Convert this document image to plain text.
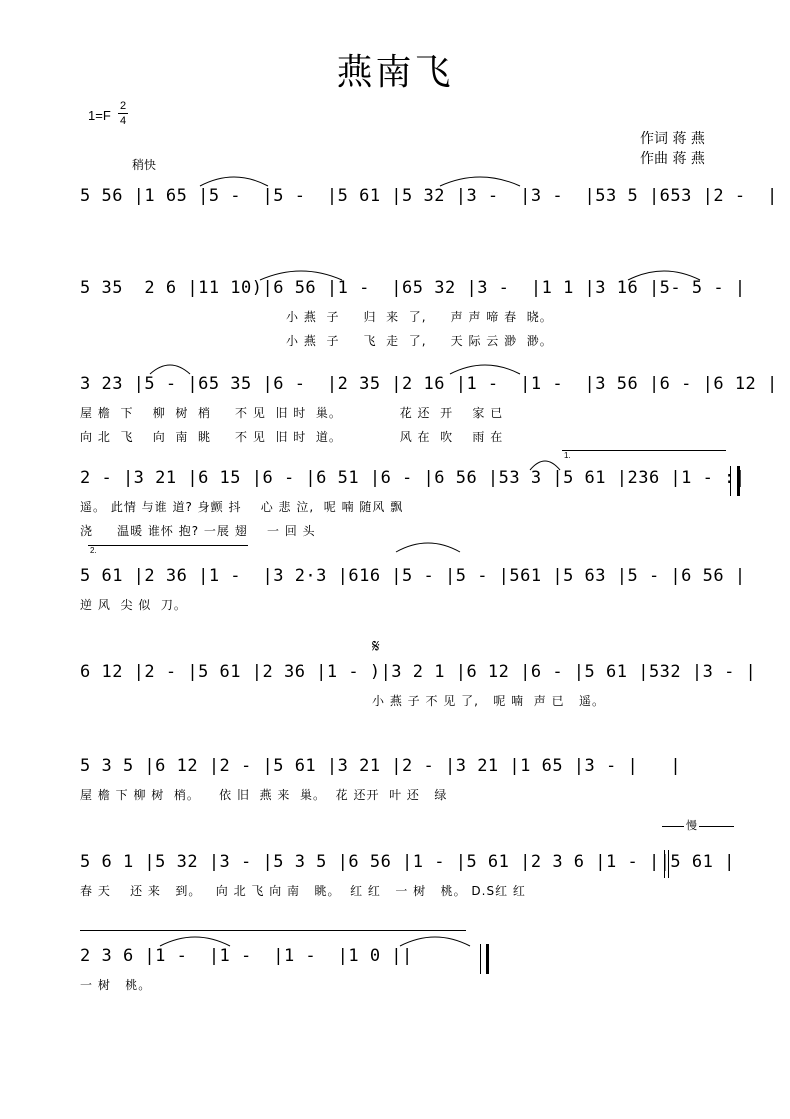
燕南飞
1=F
2
4
作词 蒋 燕
作曲 蒋 燕
稍快
1.
2.
慢
𝄋
5 56 |1 65 |5 -  |5 -  |5 61 |5 32 |3 -  |3 -  |53 5 |653 |2 -  |
5 35  2 6 |11 10)|6 56 |1 -  |65 32 |3 -  |1 1 |3 16 |5- 5 - |
小 燕  子     归  来  了,     声 声 啼 春  晓。
小 燕  子     飞  走  了,     天 际 云 渺  渺。
3 23 |5 - |65 35 |6 -  |2 35 |2 16 |1 -  |1 -  |3 56 |6 - |6 12 |
屋 檐  下    柳  树  梢     不 见  旧 时  巢。            花 还  开    家 已
向 北  飞    向  南  眺     不 见  旧 时  道。            风 在  吹    雨 在
2 - |3 21 |6 15 |6 - |6 51 |6 - |6 56 |53 3 |5 61 |236 |1 - :|
遥。 此情 与谁 道? 身颤 抖    心 悲 泣,  呢 喃 随风 飘
浇     温暖 谁怀 抱? 一展 翅    一 回 头
5 61 |2 36 |1 -  |3 2·3 |616 |5 - |5 - |561 |5 63 |5 - |6 56 |
逆 风  尖 似  刀。
6 12 |2 - |5 61 |2 36 |1 - )|3 2 1 |6 12 |6 - |5 61 |532 |3 - |
小 燕 子 不 见 了,   呢 喃  声 已   遥。
5 3 5 |6 12 |2 - |5 61 |3 21 |2 - |3 21 |1 65 |3 - |   |
屋 檐 下 柳 树  梢。    依 旧  燕 来  巢。  花 还开  叶 还   绿
5 6 1 |5 32 |3 - |5 3 5 |6 56 |1 - |5 61 |2 3 6 |1 - ||5 61 |
春 天    还 来   到。   向 北 飞 向 南   眺。  红 红   一 树   桃。 D.S红 红
2 3 6 |1 -  |1 -  |1 -  |1 0 ||
一 树   桃。
